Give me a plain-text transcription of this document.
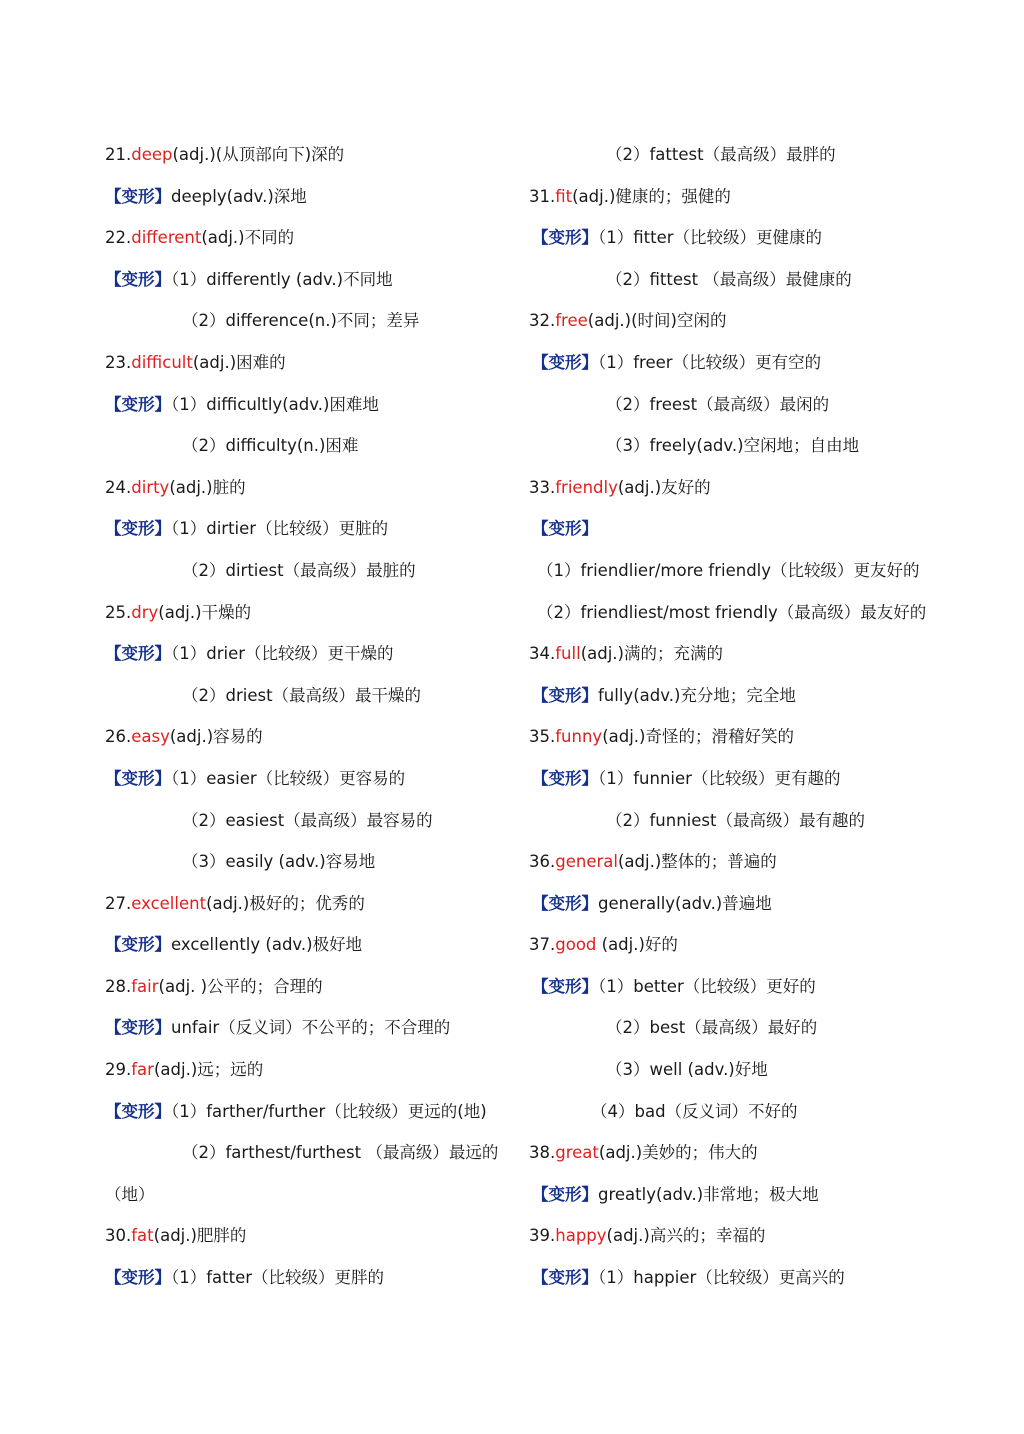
21.deep(adj.)(从顶部向下)深的
【变形】deeply(adv.)深地
22.different(adj.)不同的
【变形】（1）differently (adv.)不同地
（2）difference(n.)不同；差异
23.difficult(adj.)困难的
【变形】（1）difficultly(adv.)困难地
（2）difficulty(n.)困难
24.dirty(adj.)脏的
【变形】（1）dirtier（比较级）更脏的
（2）dirtiest（最高级）最脏的
25.dry(adj.)干燥的
【变形】（1）drier（比较级）更干燥的
（2）driest（最高级）最干燥的
26.easy(adj.)容易的
【变形】（1）easier（比较级）更容易的
（2）easiest（最高级）最容易的
（3）easily (adv.)容易地
27.excellent(adj.)极好的；优秀的
【变形】excellently (adv.)极好地
28.fair(adj. )公平的；合理的
【变形】unfair（反义词）不公平的；不合理的
29.far(adj.)远；远的
【变形】（1）farther/further（比较级）更远的(地)
（2）farthest/furthest （最高级）最远的
（地）
30.fat(adj.)肥胖的
【变形】（1）fatter（比较级）更胖的
（2）fattest（最高级）最胖的
31.fit(adj.)健康的；强健的
【变形】（1）fitter（比较级）更健康的
（2）fittest （最高级）最健康的
32.free(adj.)(时间)空闲的
【变形】（1）freer（比较级）更有空的
（2）freest（最高级）最闲的
（3）freely(adv.)空闲地；自由地
33.friendly(adj.)友好的
【变形】
（1）friendlier/more friendly（比较级）更友好的
（2）friendliest/most friendly（最高级）最友好的
34.full(adj.)满的；充满的
【变形】fully(adv.)充分地；完全地
35.funny(adj.)奇怪的；滑稽好笑的
【变形】（1）funnier（比较级）更有趣的
（2）funniest（最高级）最有趣的
36.general(adj.)整体的；普遍的
【变形】generally(adv.)普遍地
37.good (adj.)好的
【变形】（1）better（比较级）更好的
（2）best（最高级）最好的
（3）well (adv.)好地
（4）bad（反义词）不好的
38.great(adj.)美妙的；伟大的
【变形】greatly(adv.)非常地；极大地
39.happy(adj.)高兴的；幸福的
【变形】（1）happier（比较级）更高兴的
